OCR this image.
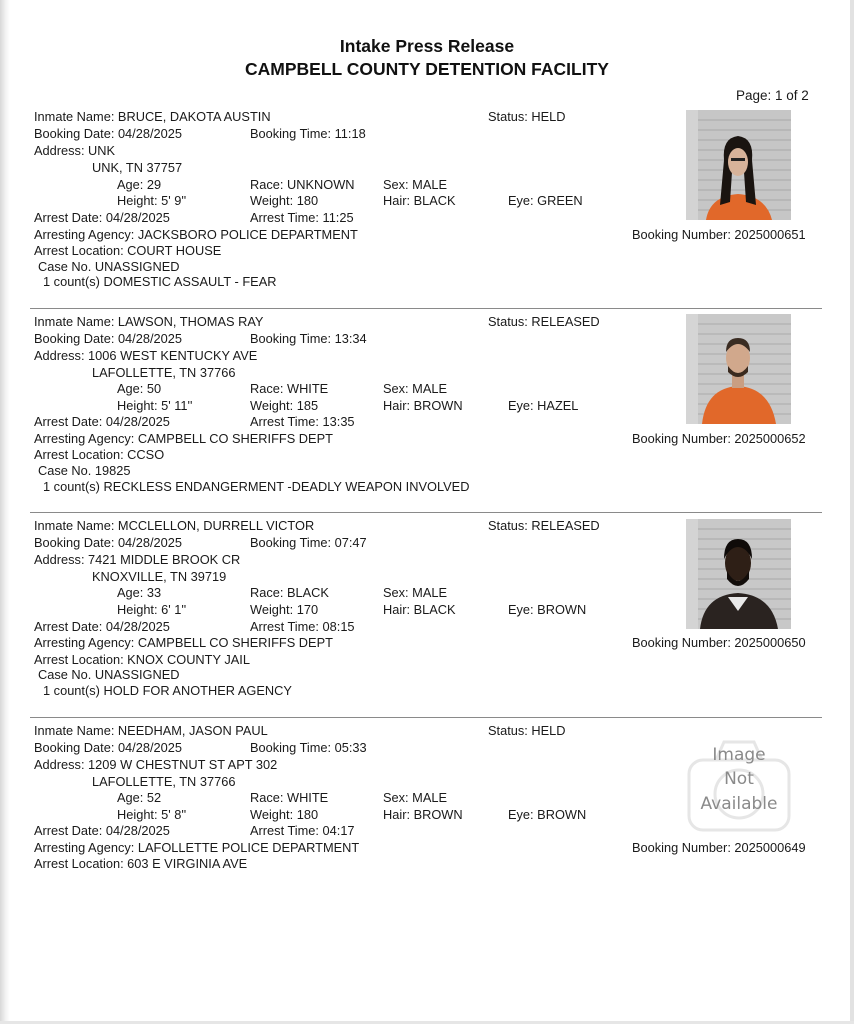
Intake Press Release
CAMPBELL COUNTY DETENTION FACILITY
Page: 1 of 2
Inmate Name: BRUCE, DAKOTA AUSTIN	Status: HELD
Booking Date: 04/28/2025	Booking Time: 11:18
Address: UNK
UNK, TN 37757
Age: 29	Race: UNKNOWN Sex: MALE
Height: 5' 9''	Weight: 180	Hair: BLACK	Eye: GREEN
Arrest Date: 04/28/2025	Arrest Time: 11:25
Arresting Agency: JACKSBORO POLICE DEPARTMENT	Booking Number: 2025000651
Arrest Location: COURT HOUSE
Case No. UNASSIGNED
1 count(s) DOMESTIC ASSAULT - FEAR
Inmate Name: LAWSON, THOMAS RAY	Status: RELEASED
Booking Date: 04/28/2025	Booking Time: 13:34
Address: 1006 WEST KENTUCKY AVE
LAFOLLETTE, TN 37766
Age: 50	Race: WHITE	Sex: MALE
Height: 5' 11''	Weight: 185	Hair: BROWN	Eye: HAZEL
Arrest Date: 04/28/2025	Arrest Time: 13:35
Arresting Agency: CAMPBELL CO SHERIFFS DEPT	Booking Number: 2025000652
Arrest Location: CCSO
Case No. 19825
1 count(s) RECKLESS ENDANGERMENT -DEADLY WEAPON INVOLVED
Inmate Name: MCCLELLON, DURRELL VICTOR	Status: RELEASED
Booking Date: 04/28/2025	Booking Time: 07:47
Address: 7421 MIDDLE BROOK CR
KNOXVILLE, TN 39719
Age: 33	Race: BLACK	Sex: MALE
Height: 6' 1''	Weight: 170	Hair: BLACK	Eye: BROWN
Arrest Date: 04/28/2025	Arrest Time: 08:15
Arresting Agency: CAMPBELL CO SHERIFFS DEPT	Booking Number: 2025000650
Arrest Location: KNOX COUNTY JAIL
Case No. UNASSIGNED
1 count(s) HOLD FOR ANOTHER AGENCY
Inmate Name: NEEDHAM, JASON PAUL	Status: HELD
Booking Date: 04/28/2025	Booking Time: 05:33
Address: 1209 W CHESTNUT ST APT 302
LAFOLLETTE, TN 37766
Age: 52	Race: WHITE	Sex: MALE
Height: 5' 8''	Weight: 180	Hair: BROWN	Eye: BROWN
Arrest Date: 04/28/2025	Arrest Time: 04:17
Arresting Agency: LAFOLLETTE POLICE DEPARTMENT	Booking Number: 2025000649
Arrest Location: 603 E VIRGINIA AVE
Image
Not
Available
